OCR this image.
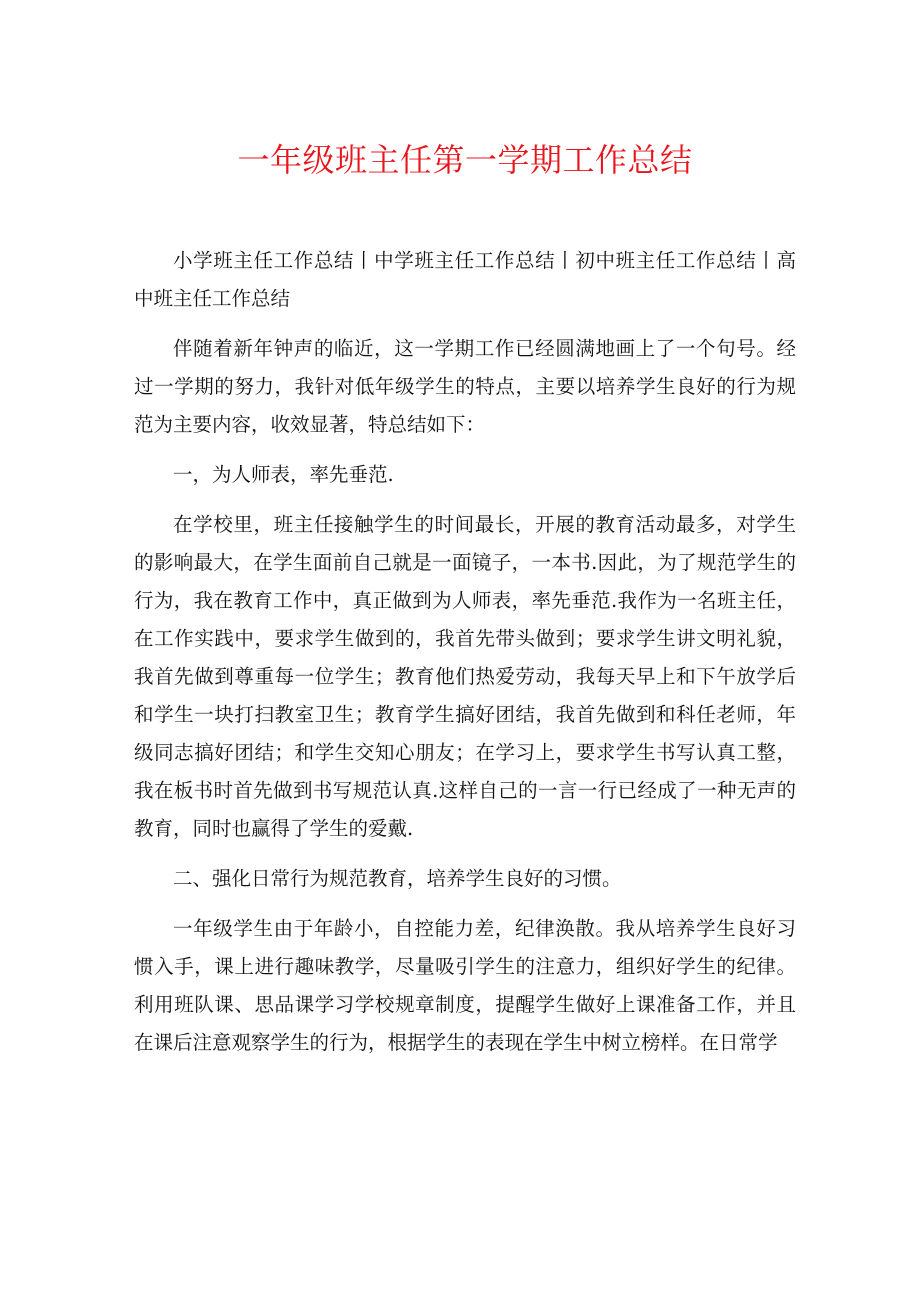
一年级班主任第一学期工作总结

小学班主任工作总结丨中学班主任工作总结丨初中班主任工作总结丨高中班主任工作总结

伴随着新年钟声的临近，这一学期工作已经圆满地画上了一个句号。经过一学期的努力，我针对低年级学生的特点，主要以培养学生良好的行为规范为主要内容，收效显著，特总结如下：

一，为人师表，率先垂范.

在学校里，班主任接触学生的时间最长，开展的教育活动最多，对学生的影响最大，在学生面前自己就是一面镜子，一本书.因此，为了规范学生的行为，我在教育工作中，真正做到为人师表，率先垂范.我作为一名班主任，在工作实践中，要求学生做到的，我首先带头做到；要求学生讲文明礼貌，我首先做到尊重每一位学生；教育他们热爱劳动，我每天早上和下午放学后和学生一块打扫教室卫生；教育学生搞好团结，我首先做到和科任老师，年级同志搞好团结；和学生交知心朋友；在学习上，要求学生书写认真工整，我在板书时首先做到书写规范认真.这样自己的一言一行已经成了一种无声的教育，同时也赢得了学生的爱戴.

二、强化日常行为规范教育，培养学生良好的习惯。

一年级学生由于年龄小，自控能力差，纪律涣散。我从培养学生良好习惯入手，课上进行趣味教学，尽量吸引学生的注意力，组织好学生的纪律。利用班队课、思品课学习学校规章制度，提醒学生做好上课准备工作，并且在课后注意观察学生的行为，根据学生的表现在学生中树立榜样。在日常学
